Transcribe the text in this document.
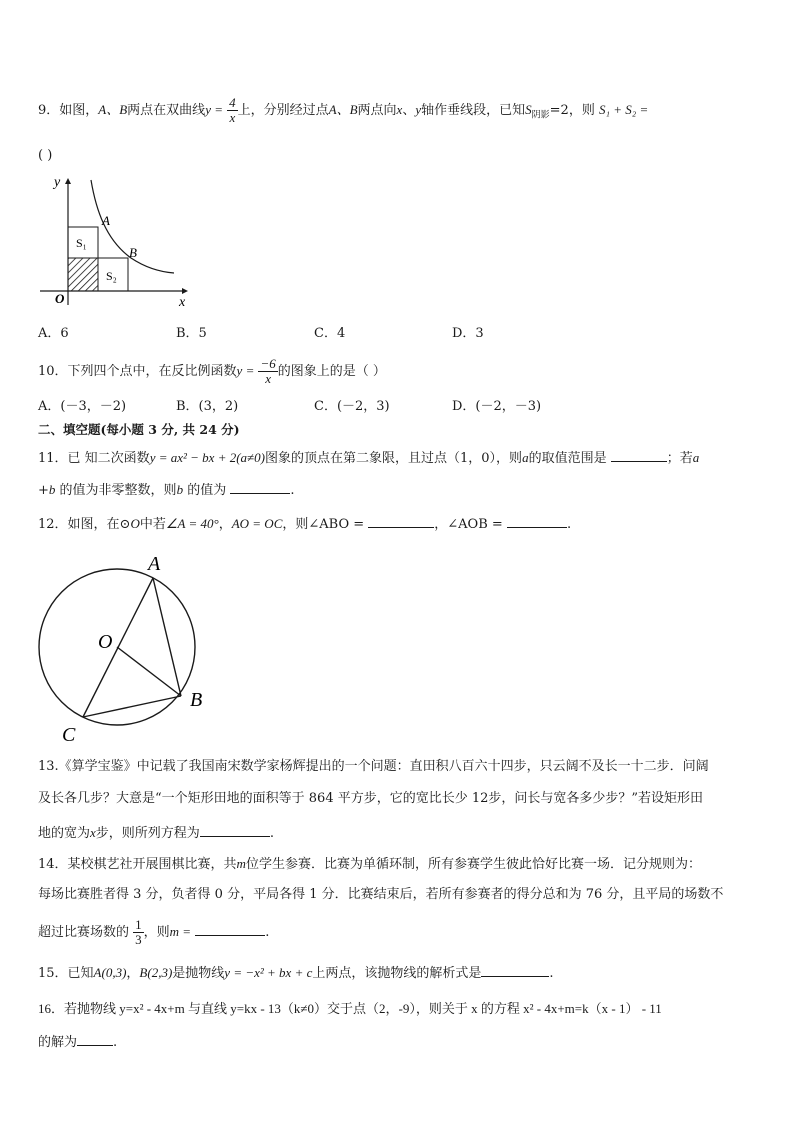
9．如图，A、B两点在双曲线$y = \frac{4}{x}$ 上，分别经过点A、B两点向x、y轴作垂线段，已知$S_{阴影}=2$，则 S₁ + S₂ =
( )
y
x
O
A
B
S₁
S₂
A．6	B．5	C．4	D．3
10．下列四个点中，在反比例函数$y = \frac{-6}{x}$ 的图象上的是（ ）
A．(－3，－2)	B．(3，2)	C．(－2，3)	D．(－2，－3)
二、填空题(每小题 3 分, 共 24 分)
11．已 知二次函数y = ax² − bx + 2(a≠0)图象的顶点在第二象限，且过点（1，0），则a的取值范围是	；若a
+b 的值为非零整数，则b 的值为	.
12．如图，在⊙O中若∠A = 40°，AO = OC，则∠ABO =	，∠AOB =	.
A
O
B
C
13.《算学宝鉴》中记载了我国南宋数学家杨辉提出的一个问题：直田积八百六十四步，只云阔不及长一十二步．问阔
及长各几步？大意是“一个矩形田地的面积等于 864 平方步，它的宽比长少 12步，问长与宽各多少步？”若设矩形田
地的宽为x步，则所列方程为	.
14．某校棋艺社开展围棋比赛，共m位学生参赛．比赛为单循环制，所有参赛学生彼此恰好比赛一场．记分规则为：
每场比赛胜者得 3 分，负者得 0 分，平局各得 1 分．比赛结束后，若所有参赛者的得分总和为 76 分，且平局的场数不
超过比赛场数的 $\frac{1}{3}$ ，则m =	.
15．已知A(0,3)，B(2,3)是抛物线y = −x² + bx + c上两点，该抛物线的解析式是	.
16．若抛物线 y=x² - 4x+m 与直线 y=kx - 13（k≠0）交于点（2，-9），则关于 x 的方程 x² - 4x+m=k（x - 1） - 11
的解为	.
